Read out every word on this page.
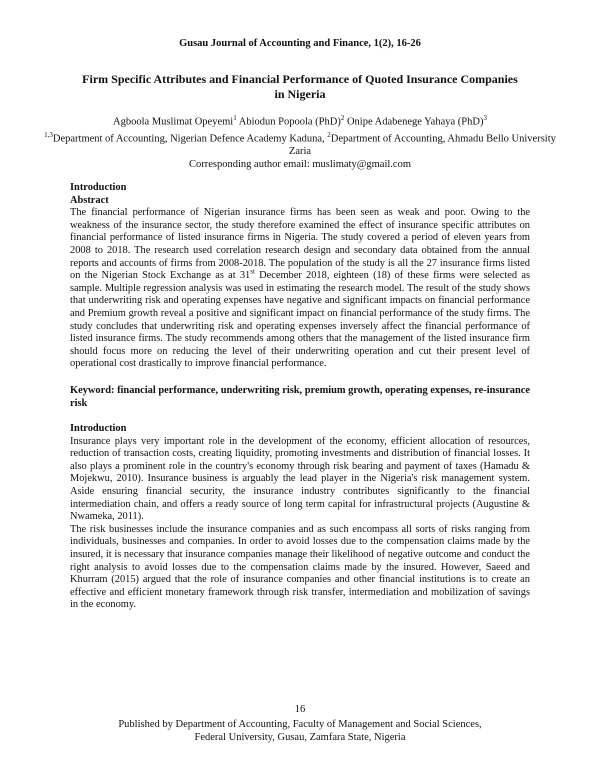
Gusau Journal of Accounting and Finance, 1(2), 16-26
Firm Specific Attributes and Financial Performance of Quoted Insurance Companies in Nigeria
Agboola Muslimat Opeyemi$^1$ Abiodun Popoola (PhD)$^2$ Onipe Adabenege Yahaya (PhD)$^3$
$^{1,3}$Department of Accounting, Nigerian Defence Academy Kaduna, $^2$Department of Accounting, Ahmadu Bello University Zaria
Corresponding author email: muslimaty@gmail.com

Introduction

Abstract

The financial performance of Nigerian insurance firms has been seen as weak and poor. Owing to the weakness of the insurance sector, the study therefore examined the effect of insurance specific attributes on financial performance of listed insurance firms in Nigeria. The study covered a period of eleven years from 2008 to 2018. The research used correlation research design and secondary data obtained from the annual reports and accounts of firms from 2008-2018. The population of the study is all the 27 insurance firms listed on the Nigerian Stock Exchange as at 31st December 2018, eighteen (18) of these firms were selected as sample. Multiple regression analysis was used in estimating the research model. The result of the study shows that underwriting risk and operating expenses have negative and significant impacts on financial performance and Premium growth reveal a positive and significant impact on financial performance of the study firms. The study concludes that underwriting risk and operating expenses inversely affect the financial performance of listed insurance firms. The study recommends among others that the management of the listed insurance firm should focus more on reducing the level of their underwriting operation and cut their present level of operational cost drastically to improve financial performance.

Keyword: financial performance, underwriting risk, premium growth, operating expenses, re-insurance risk

Introduction

Insurance plays very important role in the development of the economy, efficient allocation of resources, reduction of transaction costs, creating liquidity, promoting investments and distribution of financial losses. It also plays a prominent role in the country's economy through risk bearing and payment of taxes (Hamadu & Mojekwu, 2010). Insurance business is arguably the lead player in the Nigeria's risk management system. Aside ensuring financial security, the insurance industry contributes significantly to the financial intermediation chain, and offers a ready source of long term capital for infrastructural projects (Augustine & Nwameka, 2011).

The risk businesses include the insurance companies and as such encompass all sorts of risks ranging from individuals, businesses and companies. In order to avoid losses due to the compensation claims made by the insured, it is necessary that insurance companies manage their likelihood of negative outcome and conduct the right analysis to avoid losses due to the compensation claims made by the insured. However, Saeed and Khurram (2015) argued that the role of insurance companies and other financial institutions is to create an effective and efficient monetary framework through risk transfer, intermediation and mobilization of savings in the economy.

16
Published by Department of Accounting, Faculty of Management and Social Sciences,
Federal University, Gusau, Zamfara State, Nigeria
